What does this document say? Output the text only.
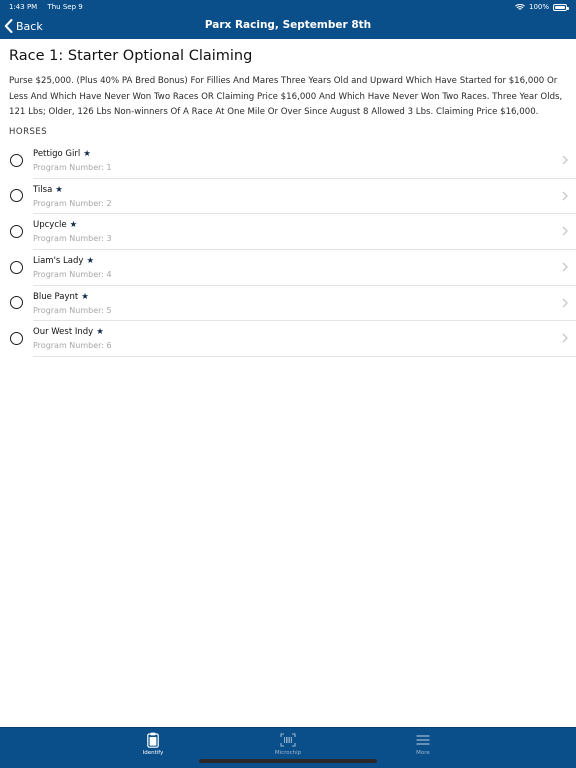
1:43 PM Thu Sep 9	100%
Back	Parx Racing, September 8th
Race 1: Starter Optional Claiming
Purse $25,000. (Plus 40% PA Bred Bonus) For Fillies And Mares Three Years Old and Upward Which Have Started for $16,000 Or Less And Which Have Never Won Two Races OR Claiming Price $16,000 And Which Have Never Won Two Races. Three Year Olds, 121 Lbs; Older, 126 Lbs Non-winners Of A Race At One Mile Or Over Since August 8 Allowed 3 Lbs. Claiming Price $16,000.
HORSES
Pettigo Girl ★
Program Number: 1
Tilsa ★
Program Number: 2
Upcycle ★
Program Number: 3
Liam's Lady ★
Program Number: 4
Blue Paynt ★
Program Number: 5
Our West Indy ★
Program Number: 6
Identify	Microchip	More
